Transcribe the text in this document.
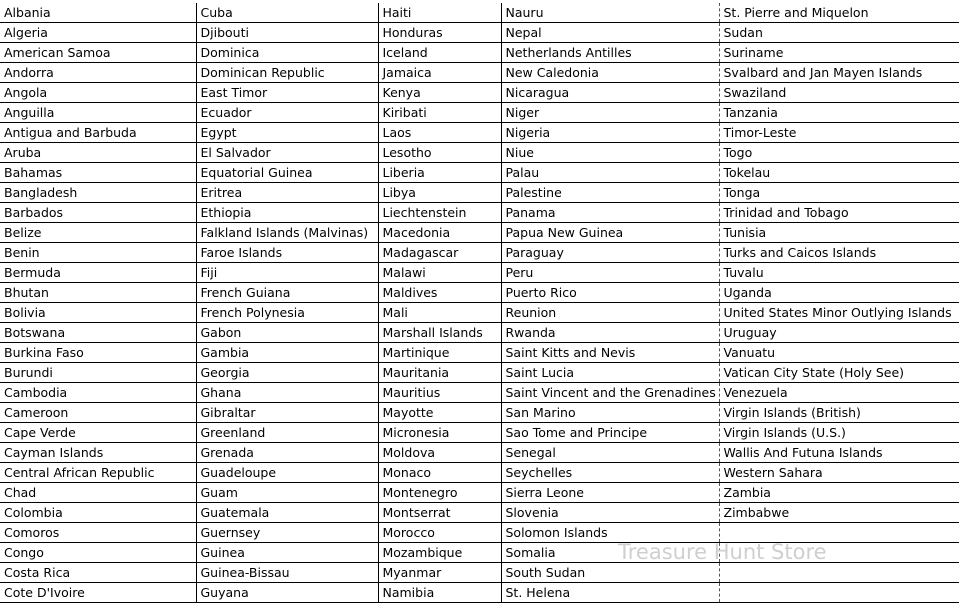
Albania	Cuba	Haiti	Nauru	St. Pierre and Miquelon
Algeria	Djibouti	Honduras	Nepal	Sudan
American Samoa	Dominica	Iceland	Netherlands Antilles	Suriname
Andorra	Dominican Republic	Jamaica	New Caledonia	Svalbard and Jan Mayen Islands
Angola	East Timor	Kenya	Nicaragua	Swaziland
Anguilla	Ecuador	Kiribati	Niger	Tanzania
Antigua and Barbuda	Egypt	Laos	Nigeria	Timor-Leste
Aruba	El Salvador	Lesotho	Niue	Togo
Bahamas	Equatorial Guinea	Liberia	Palau	Tokelau
Bangladesh	Eritrea	Libya	Palestine	Tonga
Barbados	Ethiopia	Liechtenstein	Panama	Trinidad and Tobago
Belize	Falkland Islands (Malvinas)	Macedonia	Papua New Guinea	Tunisia
Benin	Faroe Islands	Madagascar	Paraguay	Turks and Caicos Islands
Bermuda	Fiji	Malawi	Peru	Tuvalu
Bhutan	French Guiana	Maldives	Puerto Rico	Uganda
Bolivia	French Polynesia	Mali	Reunion	United States Minor Outlying Islands
Botswana	Gabon	Marshall Islands	Rwanda	Uruguay
Burkina Faso	Gambia	Martinique	Saint Kitts and Nevis	Vanuatu
Burundi	Georgia	Mauritania	Saint Lucia	Vatican City State (Holy See)
Cambodia	Ghana	Mauritius	Saint Vincent and the Grenadines	Venezuela
Cameroon	Gibraltar	Mayotte	San Marino	Virgin Islands (British)
Cape Verde	Greenland	Micronesia	Sao Tome and Principe	Virgin Islands (U.S.)
Cayman Islands	Grenada	Moldova	Senegal	Wallis And Futuna Islands
Central African Republic	Guadeloupe	Monaco	Seychelles	Western Sahara
Chad	Guam	Montenegro	Sierra Leone	Zambia
Colombia	Guatemala	Montserrat	Slovenia	Zimbabwe
Comoros	Guernsey	Morocco	Solomon Islands	
Congo	Guinea	Mozambique	Somalia	
Costa Rica	Guinea-Bissau	Myanmar	South Sudan	
Cote D'Ivoire	Guyana	Namibia	St. Helena	
Treasure Hunt Store
